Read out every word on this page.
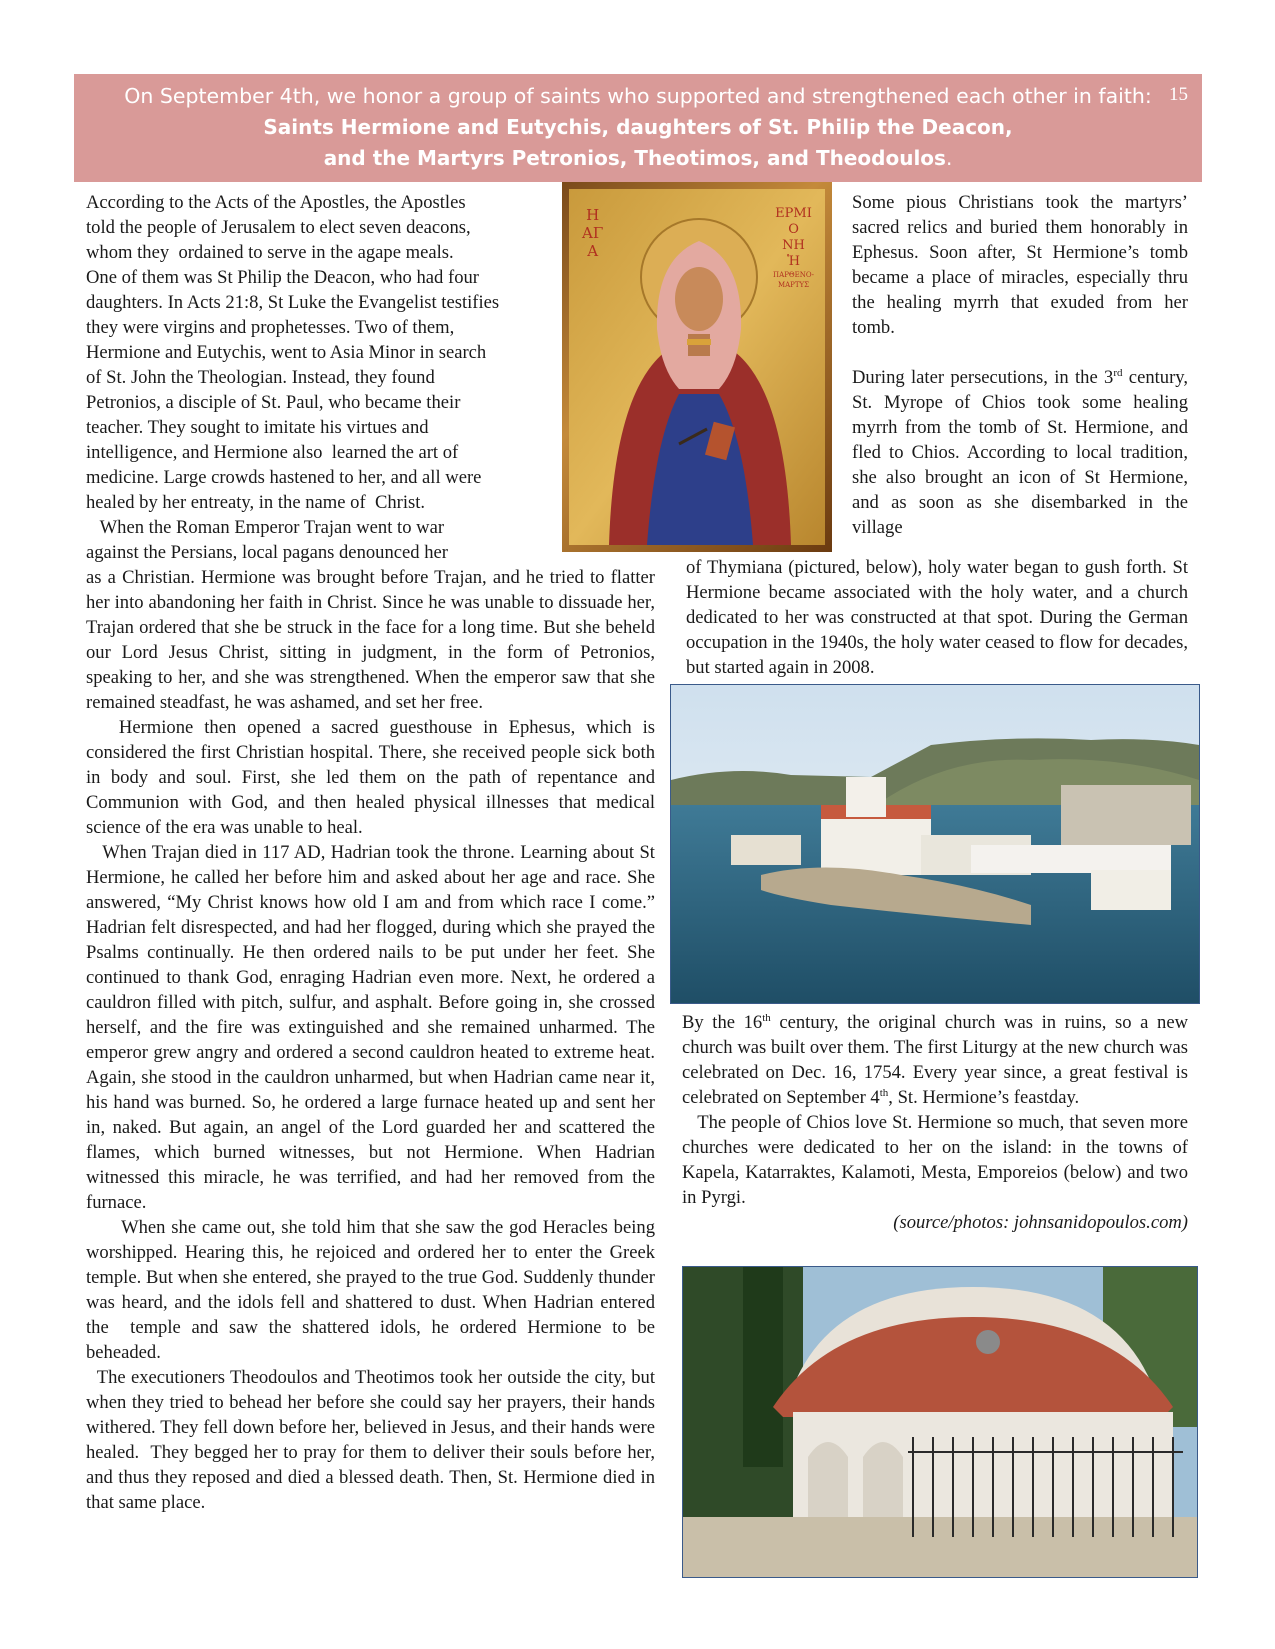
On September 4th, we honor a group of saints who supported and strengthened each other in faith:
Saints Hermione and Eutychis, daughters of St. Philip the Deacon,
and the Martyrs Petronios, Theotimos, and Theodoulos.
15
According to the Acts of the Apostles, the Apostles
told the people of Jerusalem to elect seven deacons,
whom they  ordained to serve in the agape meals.
One of them was St Philip the Deacon, who had four
daughters. In Acts 21:8, St Luke the Evangelist testifies
they were virgins and prophetesses. Two of them,
Hermione and Eutychis, went to Asia Minor in search
of St. John the Theologian. Instead, they found
Petronios, a disciple of St. Paul, who became their
teacher. They sought to imitate his virtues and
intelligence, and Hermione also  learned the art of
medicine. Large crowds hastened to her, and all were
healed by her entreaty, in the name of  Christ.
When the Roman Emperor Trajan went to war
against the Persians, local pagans denounced her

as a Christian. Hermione was brought before Trajan, and he tried to flatter her into abandoning her faith in Christ. Since he was unable to dissuade her, Trajan ordered that she be struck in the face for a long time. But she beheld our Lord Jesus Christ, sitting in judgment, in the form of Petronios, speaking to her, and she was strengthened. When the emperor saw that she remained steadfast, he was ashamed, and set her free.

Hermione then opened a sacred guesthouse in Ephesus, which is considered the first Christian hospital. There, she received people sick both in body and soul. First, she led them on the path of repentance and Communion with God, and then healed physical illnesses that medical science of the era was unable to heal.

When Trajan died in 117 AD, Hadrian took the throne. Learning about St Hermione, he called her before him and asked about her age and race. She answered, “My Christ knows how old I am and from which race I come.” Hadrian felt disrespected, and had her flogged, during which she prayed the Psalms continually. He then ordered nails to be put under her feet. She continued to thank God, enraging Hadrian even more. Next, he ordered a cauldron filled with pitch, sulfur, and asphalt. Before going in, she crossed herself, and the fire was extinguished and she remained unharmed. The emperor grew angry and ordered a second cauldron heated to extreme heat. Again, she stood in the cauldron unharmed, but when Hadrian came near it, his hand was burned. So, he ordered a large furnace heated up and sent her in, naked. But again, an angel of the Lord guarded her and scattered the flames, which burned witnesses, but not Hermione. When Hadrian witnessed this miracle, he was terrified, and had her removed from the furnace.

When she came out, she told him that she saw the god Heracles being worshipped. Hearing this, he rejoiced and ordered her to enter the Greek temple. But when she entered, she prayed to the true God. Suddenly thunder was heard, and the idols fell and shattered to dust. When Hadrian entered the  temple and saw the shattered idols, he ordered Hermione to be beheaded.

The executioners Theodoulos and Theotimos took her outside the city, but when they tried to behead her before she could say her prayers, their hands withered. They fell down before her, believed in Jesus, and their hands were healed.  They begged her to pray for them to deliver their souls before her, and thus they reposed and died a blessed death. Then, St. Hermione died in that same place.

Η
ΑΓ
Α
ΕΡΜΙ
Ο
ΝΗ
Ἡ
ΠΑΡΘΕΝΟ-
ΜΑΡΤΥΣ

Some pious Christians took the martyrs’ sacred relics and buried them honorably in Ephesus. Soon after, St Hermione’s tomb became a place of miracles, especially thru the healing myrrh that exuded from her tomb.

During later persecutions, in the 3rd century, St. Myrope of Chios took some healing myrrh from the tomb of St. Hermione, and fled to Chios. According to local tradition, she also brought an icon of St Hermione, and as soon as she disembarked in the village

of Thymiana (pictured, below), holy water began to gush forth. St Hermione became associated with the holy water, and a church dedicated to her was constructed at that spot. During the German occupation in the 1940s, the holy water ceased to flow for decades, but started again in 2008.

By the 16th century, the original church was in ruins, so a new church was built over them. The first Liturgy at the new church was celebrated on Dec. 16, 1754. Every year since, a great festival is celebrated on September 4th, St. Hermione’s feastday.

The people of Chios love St. Hermione so much, that seven more churches were dedicated to her on the island: in the towns of Kapela, Katarraktes, Kalamoti, Mesta, Emporeios (below) and two in Pyrgi.

(source/photos: johnsanidopoulos.com)
